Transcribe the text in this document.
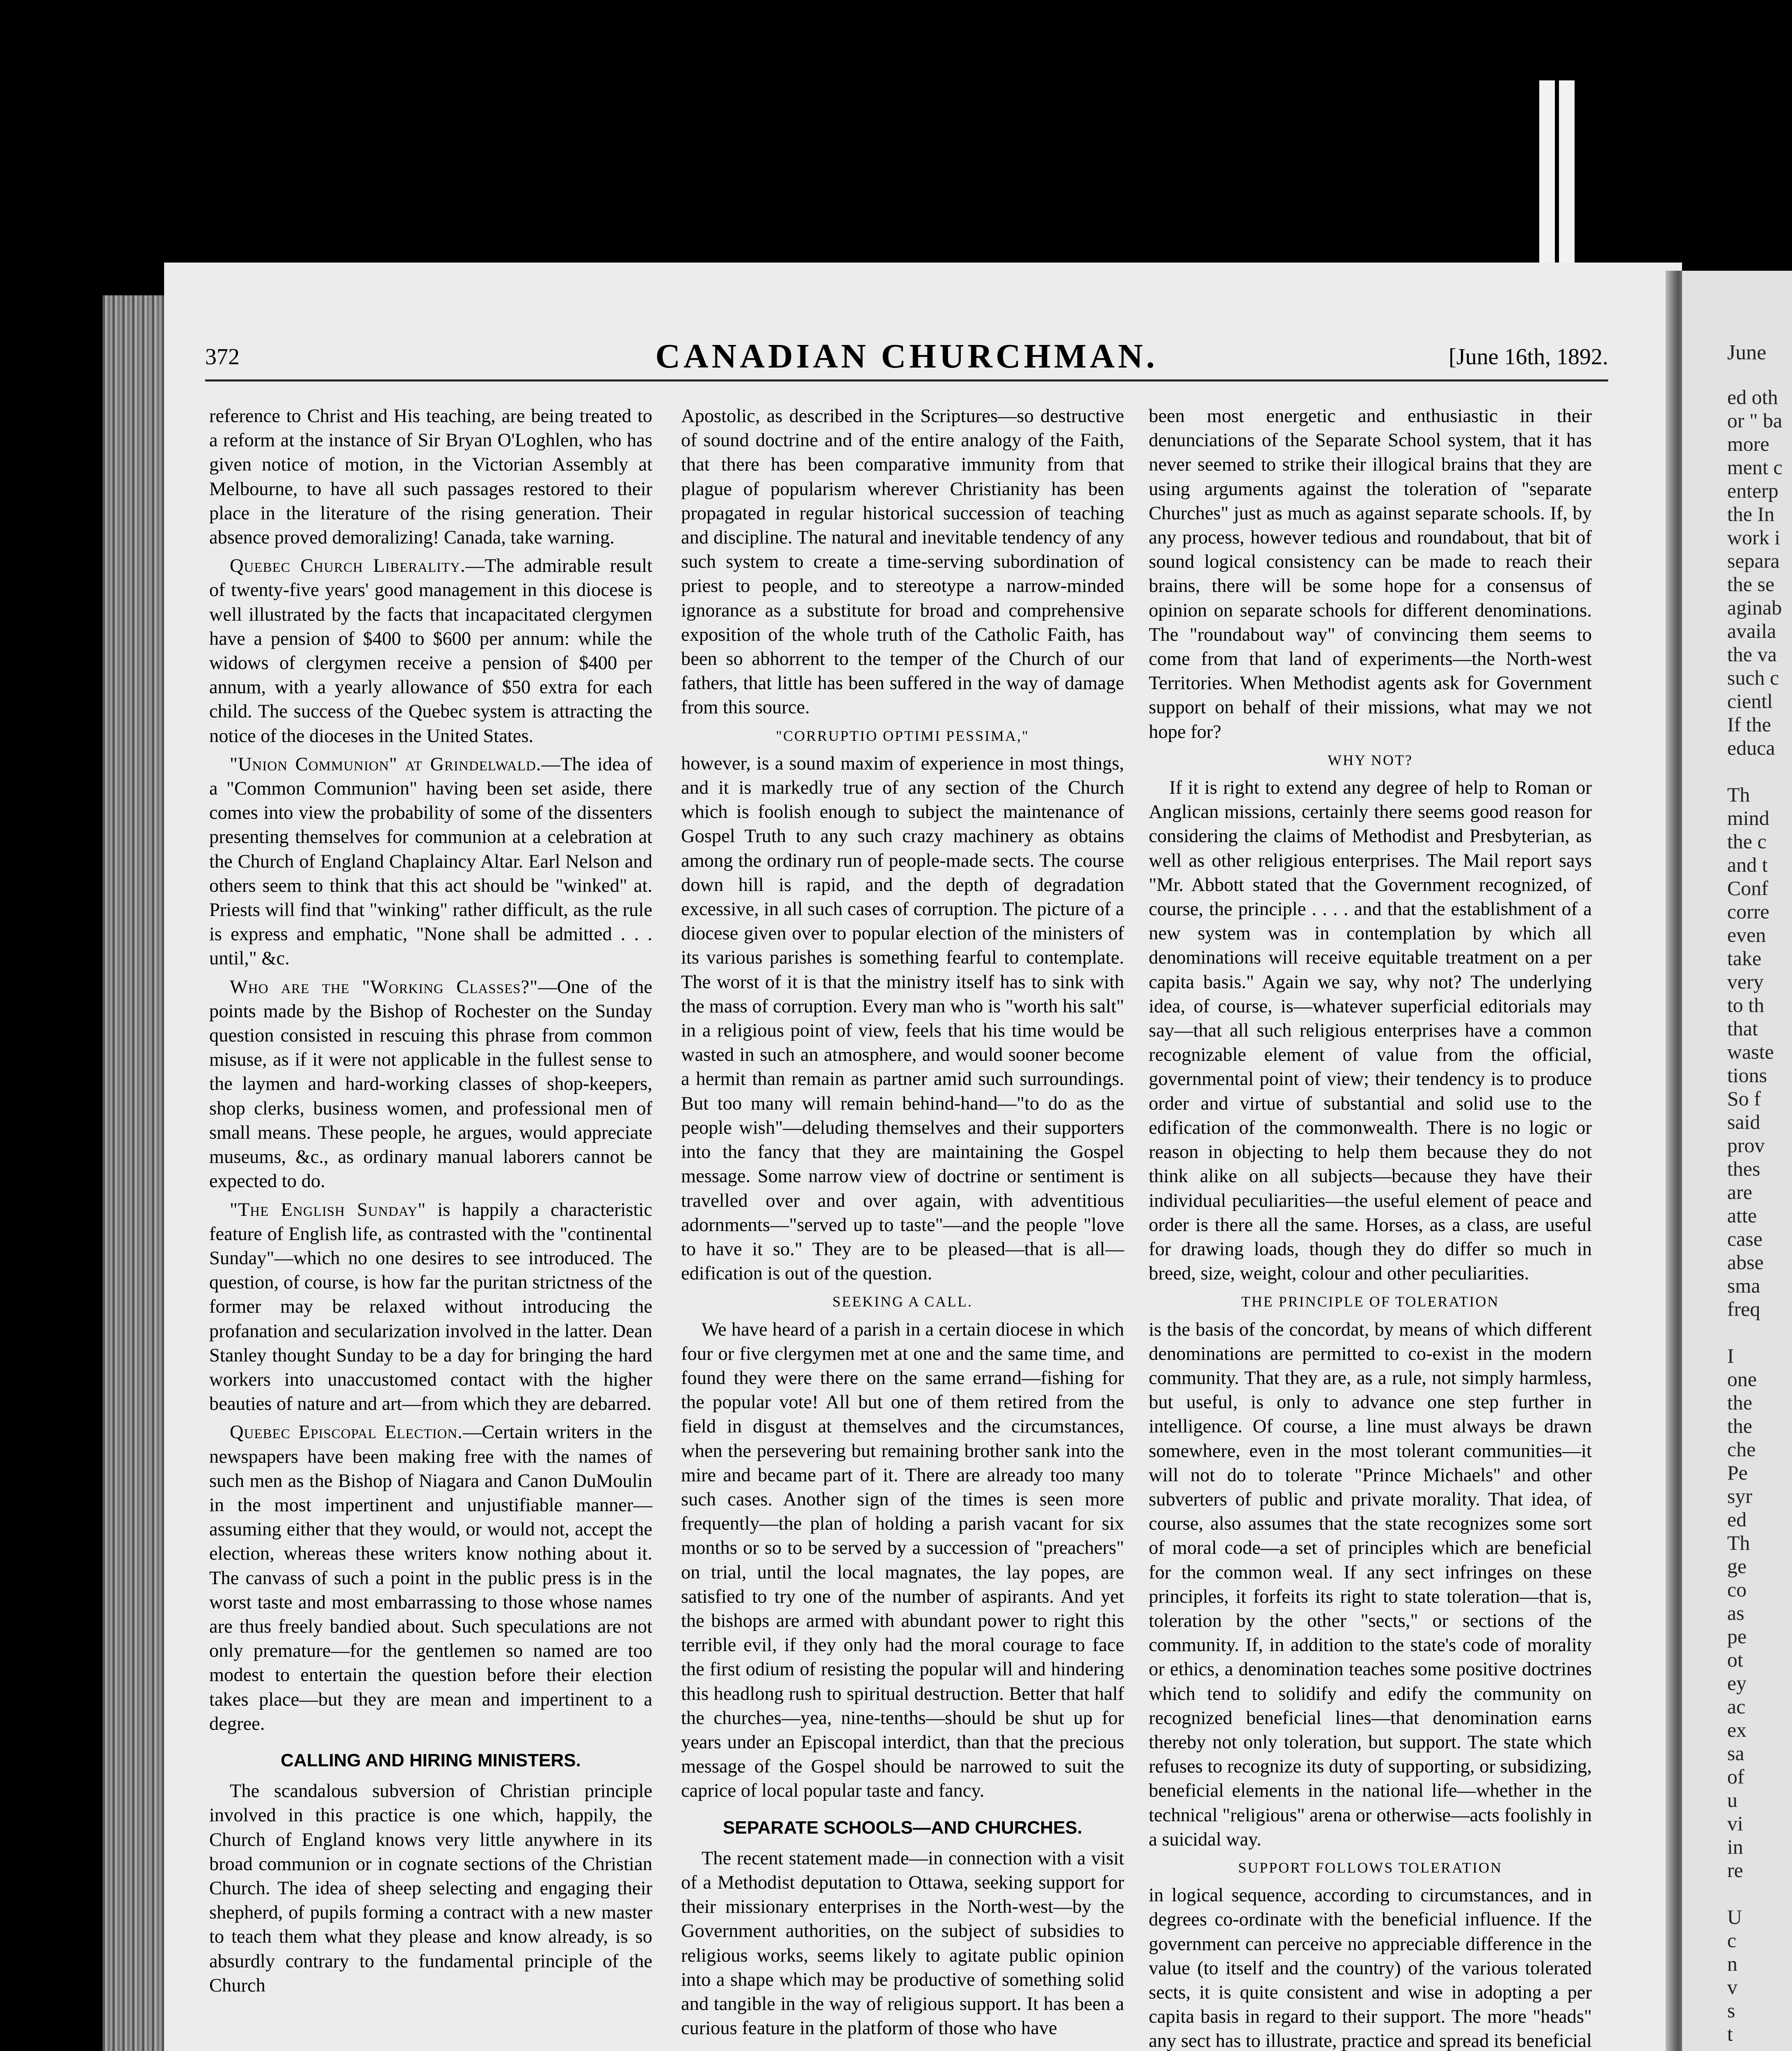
June
ed oth
or " ba
more
ment c
enterp
the In
work i
separa
the se
aginab
availa
the va
such c
cientl
If the
educa
Th
mind
the c
and t
Conf
corre
even
take
very
to th
that
waste
tions
So f
said
prov
thes
are
atte
case
abse
sma
freq
I
one
the
the
che
Pe
syr
ed
Th
ge
co
as
pe
ot
ey
ac
ex
sa
of
u
vi
in
re
U
c
n
v
s
t
372	CANADIAN CHURCHMAN.	[June 16th, 1892.

reference to Christ and His teaching, are being treated to a reform at the instance of Sir Bryan O'Loghlen, who has given notice of motion, in the Victorian Assembly at Melbourne, to have all such passages restored to their place in the literature of the rising generation. Their absence proved demoralizing! Canada, take warning.

Quebec Church Liberality.—The admirable result of twenty-five years' good management in this diocese is well illustrated by the facts that incapacitated clergymen have a pension of $400 to $600 per annum: while the widows of clergymen receive a pension of $400 per annum, with a yearly allowance of $50 extra for each child. The success of the Quebec system is attracting the notice of the dioceses in the United States.

"Union Communion" at Grindelwald.—The idea of a "Common Communion" having been set aside, there comes into view the probability of some of the dissenters presenting themselves for communion at a celebration at the Church of England Chaplaincy Altar. Earl Nelson and others seem to think that this act should be "winked" at. Priests will find that "winking" rather difficult, as the rule is express and emphatic, "None shall be admitted . . . until," &c.

Who are the "Working Classes?"—One of the points made by the Bishop of Rochester on the Sunday question consisted in rescuing this phrase from common misuse, as if it were not applicable in the fullest sense to the laymen and hard-working classes of shop-keepers, shop clerks, business women, and professional men of small means. These people, he argues, would appreciate museums, &c., as ordinary manual laborers cannot be expected to do.

"The English Sunday" is happily a characteristic feature of English life, as contrasted with the "continental Sunday"—which no one desires to see introduced. The question, of course, is how far the puritan strictness of the former may be relaxed without introducing the profanation and secularization involved in the latter. Dean Stanley thought Sunday to be a day for bringing the hard workers into unaccustomed contact with the higher beauties of nature and art—from which they are debarred.

Quebec Episcopal Election.—Certain writers in the newspapers have been making free with the names of such men as the Bishop of Niagara and Canon DuMoulin in the most impertinent and unjustifiable manner—assuming either that they would, or would not, accept the election, whereas these writers know nothing about it. The canvass of such a point in the public press is in the worst taste and most embarrassing to those whose names are thus freely bandied about. Such speculations are not only premature—for the gentlemen so named are too modest to entertain the question before their election takes place—but they are mean and impertinent to a degree.

CALLING AND HIRING MINISTERS.

The scandalous subversion of Christian principle involved in this practice is one which, happily, the Church of England knows very little anywhere in its broad communion or in cognate sections of the Christian Church. The idea of sheep selecting and engaging their shepherd, of pupils forming a contract with a new master to teach them what they please and know already, is so absurdly contrary to the fundamental principle of the Church

Apostolic, as described in the Scriptures—so destructive of sound doctrine and of the entire analogy of the Faith, that there has been comparative immunity from that plague of popularism wherever Christianity has been propagated in regular historical succession of teaching and discipline. The natural and inevitable tendency of any such system to create a time-serving subordination of priest to people, and to stereotype a narrow-minded ignorance as a substitute for broad and comprehensive exposition of the whole truth of the Catholic Faith, has been so abhorrent to the temper of the Church of our fathers, that little has been suffered in the way of damage from this source.

"CORRUPTIO OPTIMI PESSIMA,"

however, is a sound maxim of experience in most things, and it is markedly true of any section of the Church which is foolish enough to subject the maintenance of Gospel Truth to any such crazy machinery as obtains among the ordinary run of people-made sects. The course down hill is rapid, and the depth of degradation excessive, in all such cases of corruption. The picture of a diocese given over to popular election of the ministers of its various parishes is something fearful to contemplate. The worst of it is that the ministry itself has to sink with the mass of corruption. Every man who is "worth his salt" in a religious point of view, feels that his time would be wasted in such an atmosphere, and would sooner become a hermit than remain as partner amid such surroundings. But too many will remain behind-hand—"to do as the people wish"—deluding themselves and their supporters into the fancy that they are maintaining the Gospel message. Some narrow view of doctrine or sentiment is travelled over and over again, with adventitious adornments—"served up to taste"—and the people "love to have it so." They are to be pleased—that is all—edification is out of the question.

SEEKING A CALL.

We have heard of a parish in a certain diocese in which four or five clergymen met at one and the same time, and found they were there on the same errand—fishing for the popular vote! All but one of them retired from the field in disgust at themselves and the circumstances, when the persevering but remaining brother sank into the mire and became part of it. There are already too many such cases. Another sign of the times is seen more frequently—the plan of holding a parish vacant for six months or so to be served by a succession of "preachers" on trial, until the local magnates, the lay popes, are satisfied to try one of the number of aspirants. And yet the bishops are armed with abundant power to right this terrible evil, if they only had the moral courage to face the first odium of resisting the popular will and hindering this headlong rush to spiritual destruction. Better that half the churches—yea, nine-tenths—should be shut up for years under an Episcopal interdict, than that the precious message of the Gospel should be narrowed to suit the caprice of local popular taste and fancy.

SEPARATE SCHOOLS—AND CHURCHES.

The recent statement made—in connection with a visit of a Methodist deputation to Ottawa, seeking support for their missionary enterprises in the North-west—by the Government authorities, on the subject of subsidies to religious works, seems likely to agitate public opinion into a shape which may be productive of something solid and tangible in the way of religious support. It has been a curious feature in the platform of those who have

been most energetic and enthusiastic in their denunciations of the Separate School system, that it has never seemed to strike their illogical brains that they are using arguments against the toleration of "separate Churches" just as much as against separate schools. If, by any process, however tedious and roundabout, that bit of sound logical consistency can be made to reach their brains, there will be some hope for a consensus of opinion on separate schools for different denominations. The "roundabout way" of convincing them seems to come from that land of experiments—the North-west Territories. When Methodist agents ask for Government support on behalf of their missions, what may we not hope for?

WHY NOT?

If it is right to extend any degree of help to Roman or Anglican missions, certainly there seems good reason for considering the claims of Methodist and Presbyterian, as well as other religious enterprises. The Mail report says "Mr. Abbott stated that the Government recognized, of course, the principle . . . . and that the establishment of a new system was in contemplation by which all denominations will receive equitable treatment on a per capita basis." Again we say, why not? The underlying idea, of course, is—whatever superficial editorials may say—that all such religious enterprises have a common recognizable element of value from the official, governmental point of view; their tendency is to produce order and virtue of substantial and solid use to the edification of the commonwealth. There is no logic or reason in objecting to help them because they do not think alike on all subjects—because they have their individual peculiarities—the useful element of peace and order is there all the same. Horses, as a class, are useful for drawing loads, though they do differ so much in breed, size, weight, colour and other peculiarities.

THE PRINCIPLE OF TOLERATION

is the basis of the concordat, by means of which different denominations are permitted to co-exist in the modern community. That they are, as a rule, not simply harmless, but useful, is only to advance one step further in intelligence. Of course, a line must always be drawn somewhere, even in the most tolerant communities—it will not do to tolerate "Prince Michaels" and other subverters of public and private morality. That idea, of course, also assumes that the state recognizes some sort of moral code—a set of principles which are beneficial for the common weal. If any sect infringes on these principles, it forfeits its right to state toleration—that is, toleration by the other "sects," or sections of the community. If, in addition to the state's code of morality or ethics, a denomination teaches some positive doctrines which tend to solidify and edify the community on recognized beneficial lines—that denomination earns thereby not only toleration, but support. The state which refuses to recognize its duty of supporting, or subsidizing, beneficial elements in the national life—whether in the technical "religious" arena or otherwise—acts foolishly in a suicidal way.

SUPPORT FOLLOWS TOLERATION

in logical sequence, according to circumstances, and in degrees co-ordinate with the beneficial influence. If the government can perceive no appreciable difference in the value (to itself and the country) of the various tolerated sects, it is quite consistent and wise in adopting a per capita basis in regard to their support. The more "heads" any sect has to illustrate, practice and spread its beneficial
